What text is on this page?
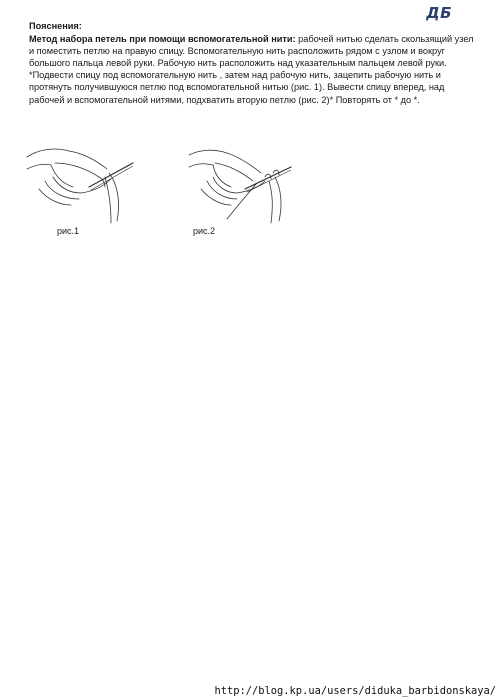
ДБ

Пояснения:

Метод набора петель при помощи вспомогательной нити: рабочей нитью сделать скользящий узел и поместить петлю на правую спицу. Вспомогательную нить расположить рядом с узлом и вокруг большого пальца левой руки. Рабочую нить расположить над указательным пальцем левой руки. *Подвести спицу под вспомогательную нить , затем над рабочую нить, зацепить рабочую нить и протянуть получившуюся петлю под вспомогательной нитью (рис. 1). Вывести спицу вперед, над рабочей и вспомогательной нитями, подхватить вторую петлю (рис. 2)* Повторять от * до *.

рис.1	рис.2
http://blog.kp.ua/users/diduka_barbidonskaya/
